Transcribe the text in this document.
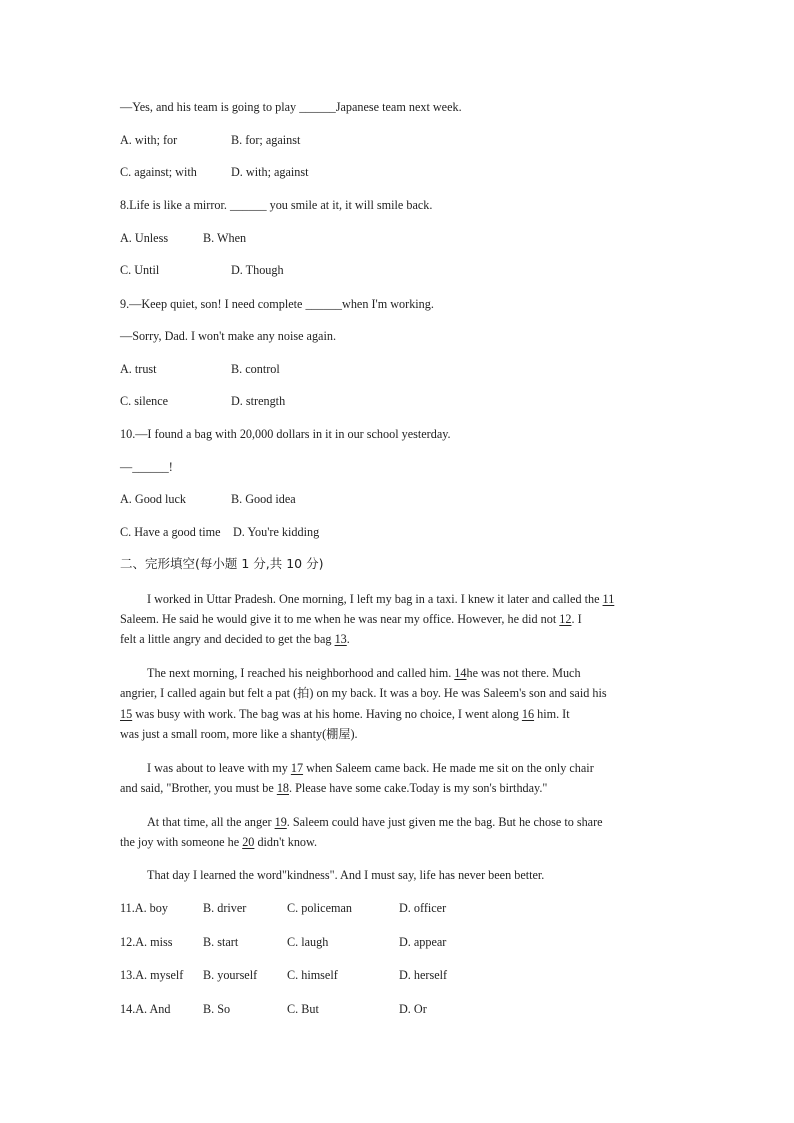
—Yes, and his team is going to play ______Japanese team next week.
A. with; for	B. for; against
C. against; with	D. with; against
8.Life is like a mirror. ______ you smile at it, it will smile back.
A. Unless	B. When
C. Until	D. Though
9.—Keep quiet, son! I need complete ______when I'm working.
—Sorry, Dad. I won't make any noise again.
A. trust	B. control
C. silence	D. strength
10.—I found a bag with 20,000 dollars in it in our school yesterday.
—______!
A. Good luck	B. Good idea
C. Have a good time D. You're kidding
二、完形填空(每小题 1 分,共 10 分)
I worked in Uttar Pradesh. One morning, I left my bag in a taxi. I knew it later and called the 11
Saleem. He said he would give it to me when he was near my office. However, he did not 12. I
felt a little angry and decided to get the bag 13.
The next morning, I reached his neighborhood and called him. 14he was not there. Much
angrier, I called again but felt a pat (拍) on my back. It was a boy. He was Saleem's son and said his
15 was busy with work. The bag was at his home. Having no choice, I went along 16 him. It
was just a small room, more like a shanty(棚屋).
I was about to leave with my 17 when Saleem came back. He made me sit on the only chair
and said, "Brother, you must be 18. Please have some cake.Today is my son's birthday."
At that time, all the anger 19. Saleem could have just given me the bag. But he chose to share
the joy with someone he 20 didn't know.
That day I learned the word"kindness". And I must say, life has never been better.
11.A. boy	B. driver	C. policeman	D. officer
12.A. miss	B. start	C. laugh	D. appear
13.A. myself B. yourself C. himself	D. herself
14.A. And	B. So	C. But	D. Or
